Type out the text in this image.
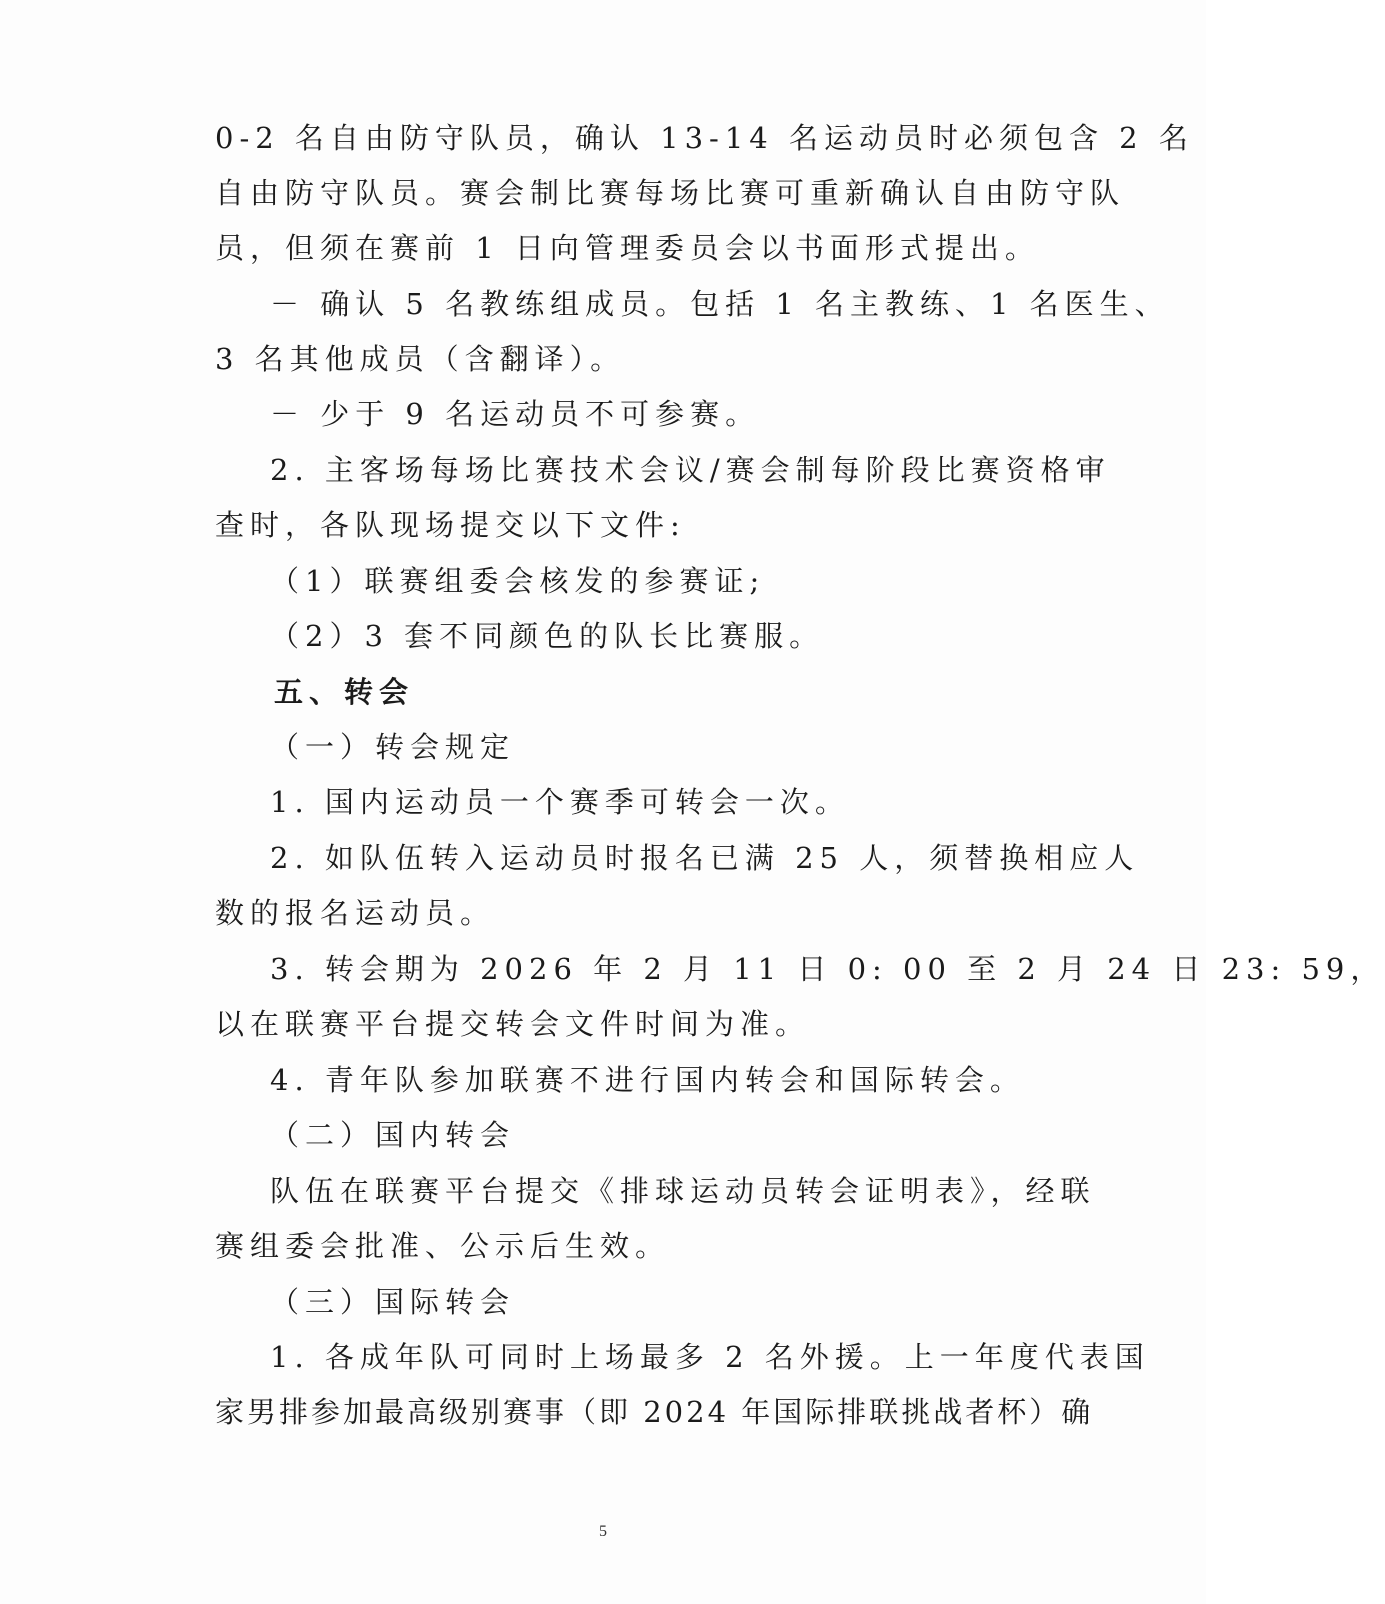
0-2 名自由防守队员，确认 13-14 名运动员时必须包含 2 名
自由防守队员。赛会制比赛每场比赛可重新确认自由防守队
员，但须在赛前 1 日向管理委员会以书面形式提出。
－ 确认 5 名教练组成员。包括 1 名主教练、1 名医生、
3 名其他成员（含翻译）。
－ 少于 9 名运动员不可参赛。
2. 主客场每场比赛技术会议/赛会制每阶段比赛资格审
查时，各队现场提交以下文件:
（1）联赛组委会核发的参赛证;
（2）3 套不同颜色的队长比赛服。
五、转会
（一）转会规定
1. 国内运动员一个赛季可转会一次。
2. 如队伍转入运动员时报名已满 25 人，须替换相应人
数的报名运动员。
3. 转会期为 2026 年 2 月 11 日 0: 00 至 2 月 24 日 23: 59，
以在联赛平台提交转会文件时间为准。
4. 青年队参加联赛不进行国内转会和国际转会。
（二）国内转会
队伍在联赛平台提交《排球运动员转会证明表》，经联
赛组委会批准、公示后生效。
（三）国际转会
1. 各成年队可同时上场最多 2 名外援。上一年度代表国
家男排参加最高级别赛事（即 2024 年国际排联挑战者杯）确
5
